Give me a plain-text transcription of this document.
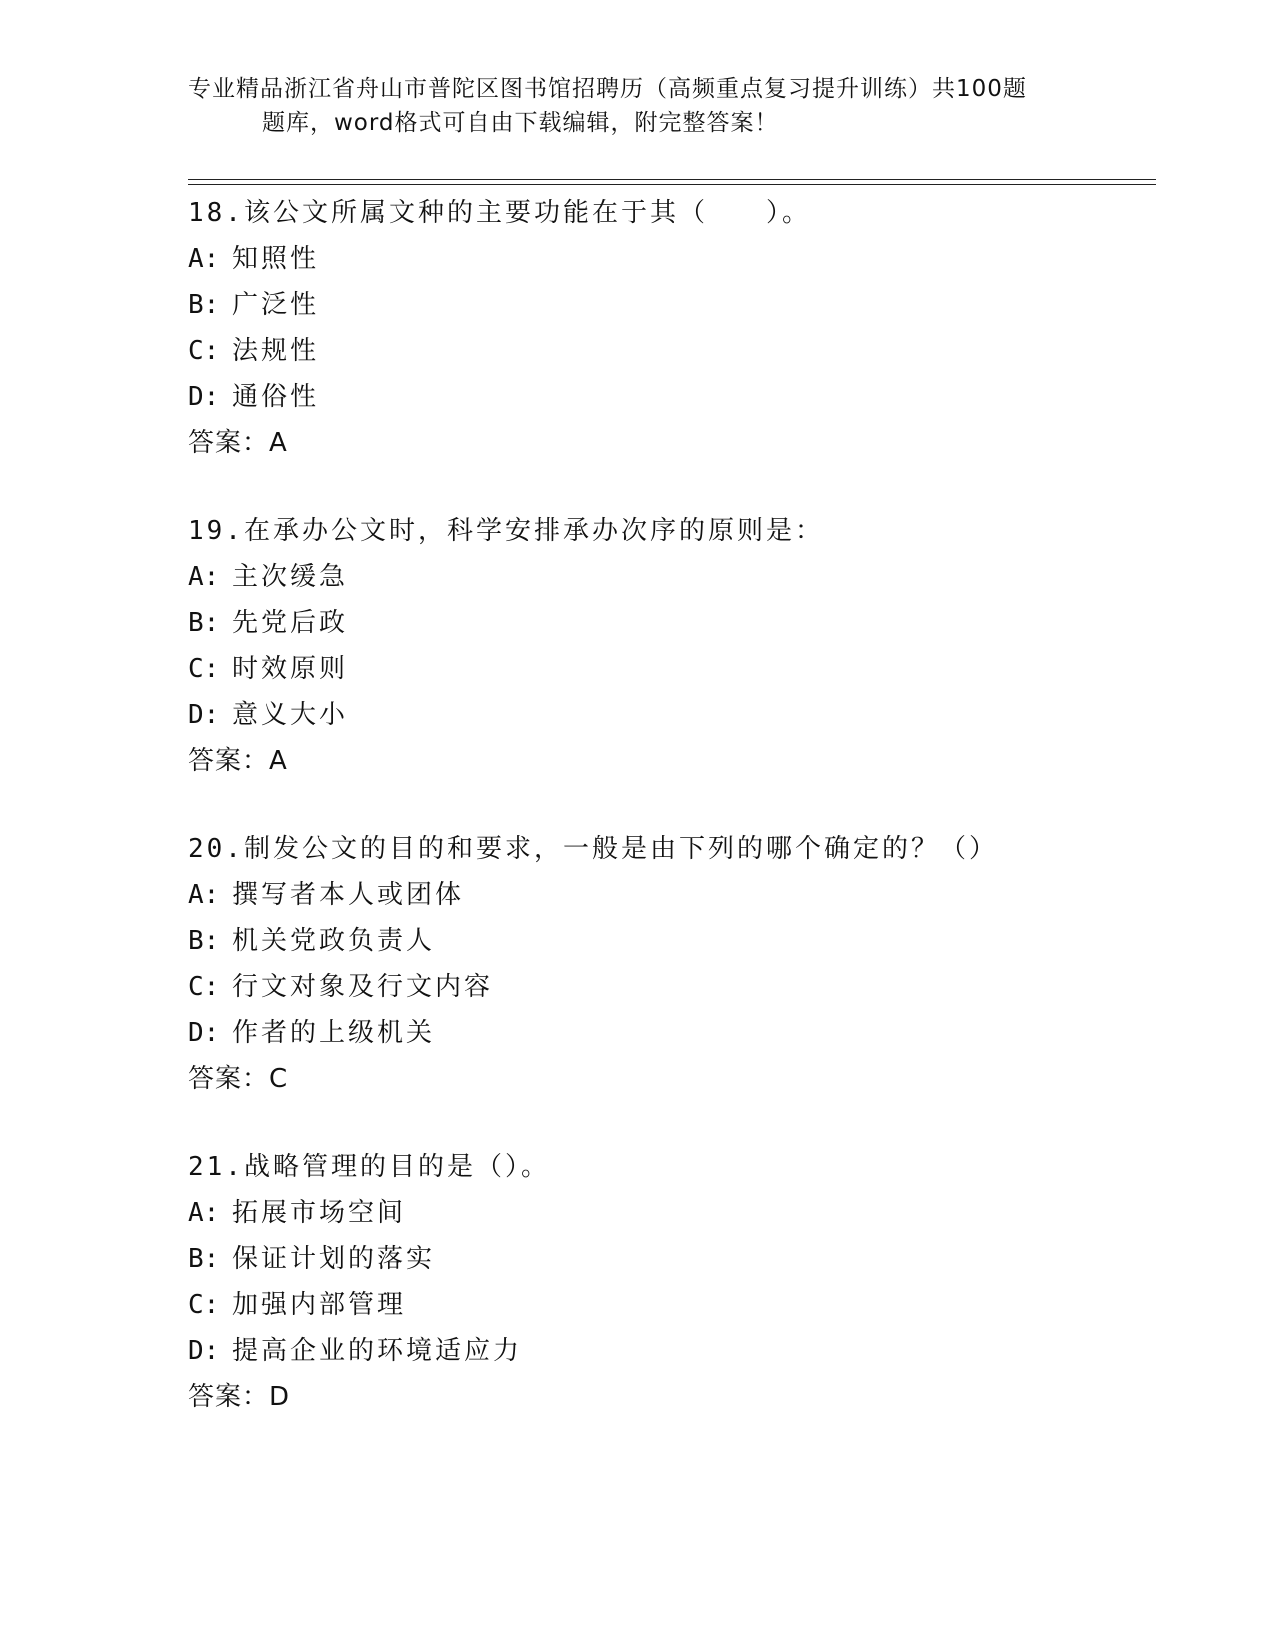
专业精品浙江省舟山市普陀区图书馆招聘历（高频重点复习提升训练）共100题
题库，word格式可自由下载编辑，附完整答案！
18.该公文所属文种的主要功能在于其（　　）。
A: 知照性
B: 广泛性
C: 法规性
D: 通俗性
答案：A
19.在承办公文时，科学安排承办次序的原则是：
A: 主次缓急
B: 先党后政
C: 时效原则
D: 意义大小
答案：A
20.制发公文的目的和要求，一般是由下列的哪个确定的？（）
A: 撰写者本人或团体
B: 机关党政负责人
C: 行文对象及行文内容
D: 作者的上级机关
答案：C
21.战略管理的目的是（）。
A: 拓展市场空间
B: 保证计划的落实
C: 加强内部管理
D: 提高企业的环境适应力
答案：D
